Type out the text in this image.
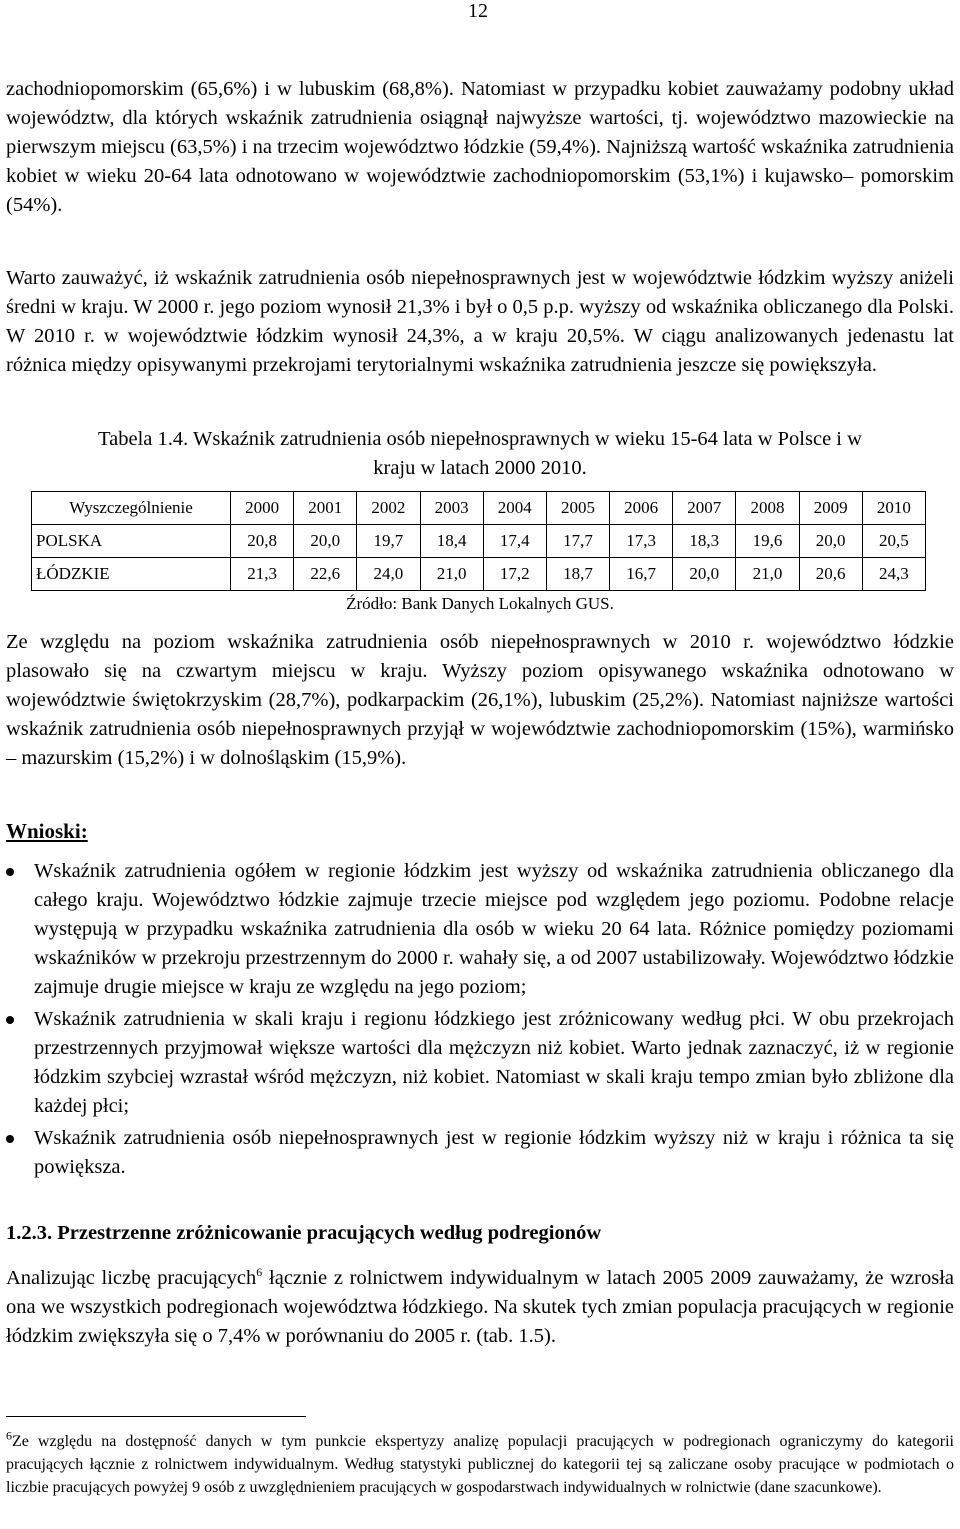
12

zachodniopomorskim (65,6%) i w lubuskim (68,8%). Natomiast w przypadku kobiet zauważamy podobny układ województw, dla których wskaźnik zatrudnienia osiągnął najwyższe wartości, tj. województwo mazowieckie na pierwszym miejscu (63,5%) i na trzecim województwo łódzkie (59,4%). Najniższą wartość wskaźnika zatrudnienia kobiet w wieku 20-64 lata odnotowano w województwie zachodniopomorskim (53,1%) i kujawsko– pomorskim (54%).

Warto zauważyć, iż wskaźnik zatrudnienia osób niepełnosprawnych jest w województwie łódzkim wyższy aniżeli średni w kraju. W 2000 r. jego poziom wynosił 21,3% i był o 0,5 p.p. wyższy od wskaźnika obliczanego dla Polski. W 2010 r. w województwie łódzkim wynosił 24,3%, a w kraju 20,5%. W ciągu analizowanych jedenastu lat różnica między opisywanymi przekrojami terytorialnymi wskaźnika zatrudnienia jeszcze się powiększyła.

Tabela 1.4. Wskaźnik zatrudnienia osób niepełnosprawnych w wieku 15-64 lata w Polsce i w
kraju w latach 2000 2010.

Wyszczególnienie	2000	2001	2002	2003	2004	2005	2006	2007	2008	2009	2010
POLSKA	20,8	20,0	19,7	18,4	17,4	17,7	17,3	18,3	19,6	20,0	20,5
ŁÓDZKIE	21,3	22,6	24,0	21,0	17,2	18,7	16,7	20,0	21,0	20,6	24,3
Źródło: Bank Danych Lokalnych GUS.

Ze względu na poziom wskaźnika zatrudnienia osób niepełnosprawnych w 2010 r. województwo łódzkie plasowało się na czwartym miejscu w kraju. Wyższy poziom opisywanego wskaźnika odnotowano w województwie świętokrzyskim (28,7%), podkarpackim (26,1%), lubuskim (25,2%). Natomiast najniższe wartości wskaźnik zatrudnienia osób niepełnosprawnych przyjął w województwie zachodniopomorskim (15%), warmińsko – mazurskim (15,2%) i w dolnośląskim (15,9%).

Wnioski:

Wskaźnik zatrudnienia ogółem w regionie łódzkim jest wyższy od wskaźnika zatrudnienia obliczanego dla całego kraju. Województwo łódzkie zajmuje trzecie miejsce pod względem jego poziomu. Podobne relacje występują w przypadku wskaźnika zatrudnienia dla osób w wieku 20 64 lata. Różnice pomiędzy poziomami wskaźników w przekroju przestrzennym do 2000 r. wahały się, a od 2007 ustabilizowały. Województwo łódzkie zajmuje drugie miejsce w kraju ze względu na jego poziom;
Wskaźnik zatrudnienia w skali kraju i regionu łódzkiego jest zróżnicowany według płci. W obu przekrojach przestrzennych przyjmował większe wartości dla mężczyzn niż kobiet. Warto jednak zaznaczyć, iż w regionie łódzkim szybciej wzrastał wśród mężczyzn, niż kobiet. Natomiast w skali kraju tempo zmian było zbliżone dla każdej płci;
Wskaźnik zatrudnienia osób niepełnosprawnych jest w regionie łódzkim wyższy niż w kraju i różnica ta się powiększa.

1.2.3. Przestrzenne zróżnicowanie pracujących według podregionów

Analizując liczbę pracujących$^6$ łącznie z rolnictwem indywidualnym w latach 2005 2009 zauważamy, że wzrosła ona we wszystkich podregionach województwa łódzkiego. Na skutek tych zmian populacja pracujących w regionie łódzkim zwiększyła się o 7,4% w porównaniu do 2005 r. (tab. 1.5).

$^6$Ze względu na dostępność danych w tym punkcie ekspertyzy analizę populacji pracujących w podregionach ograniczymy do kategorii pracujących łącznie z rolnictwem indywidualnym. Według statystyki publicznej do kategorii tej są zaliczane osoby pracujące w podmiotach o liczbie pracujących powyżej 9 osób z uwzględnieniem pracujących w gospodarstwach indywidualnych w rolnictwie (dane szacunkowe).
